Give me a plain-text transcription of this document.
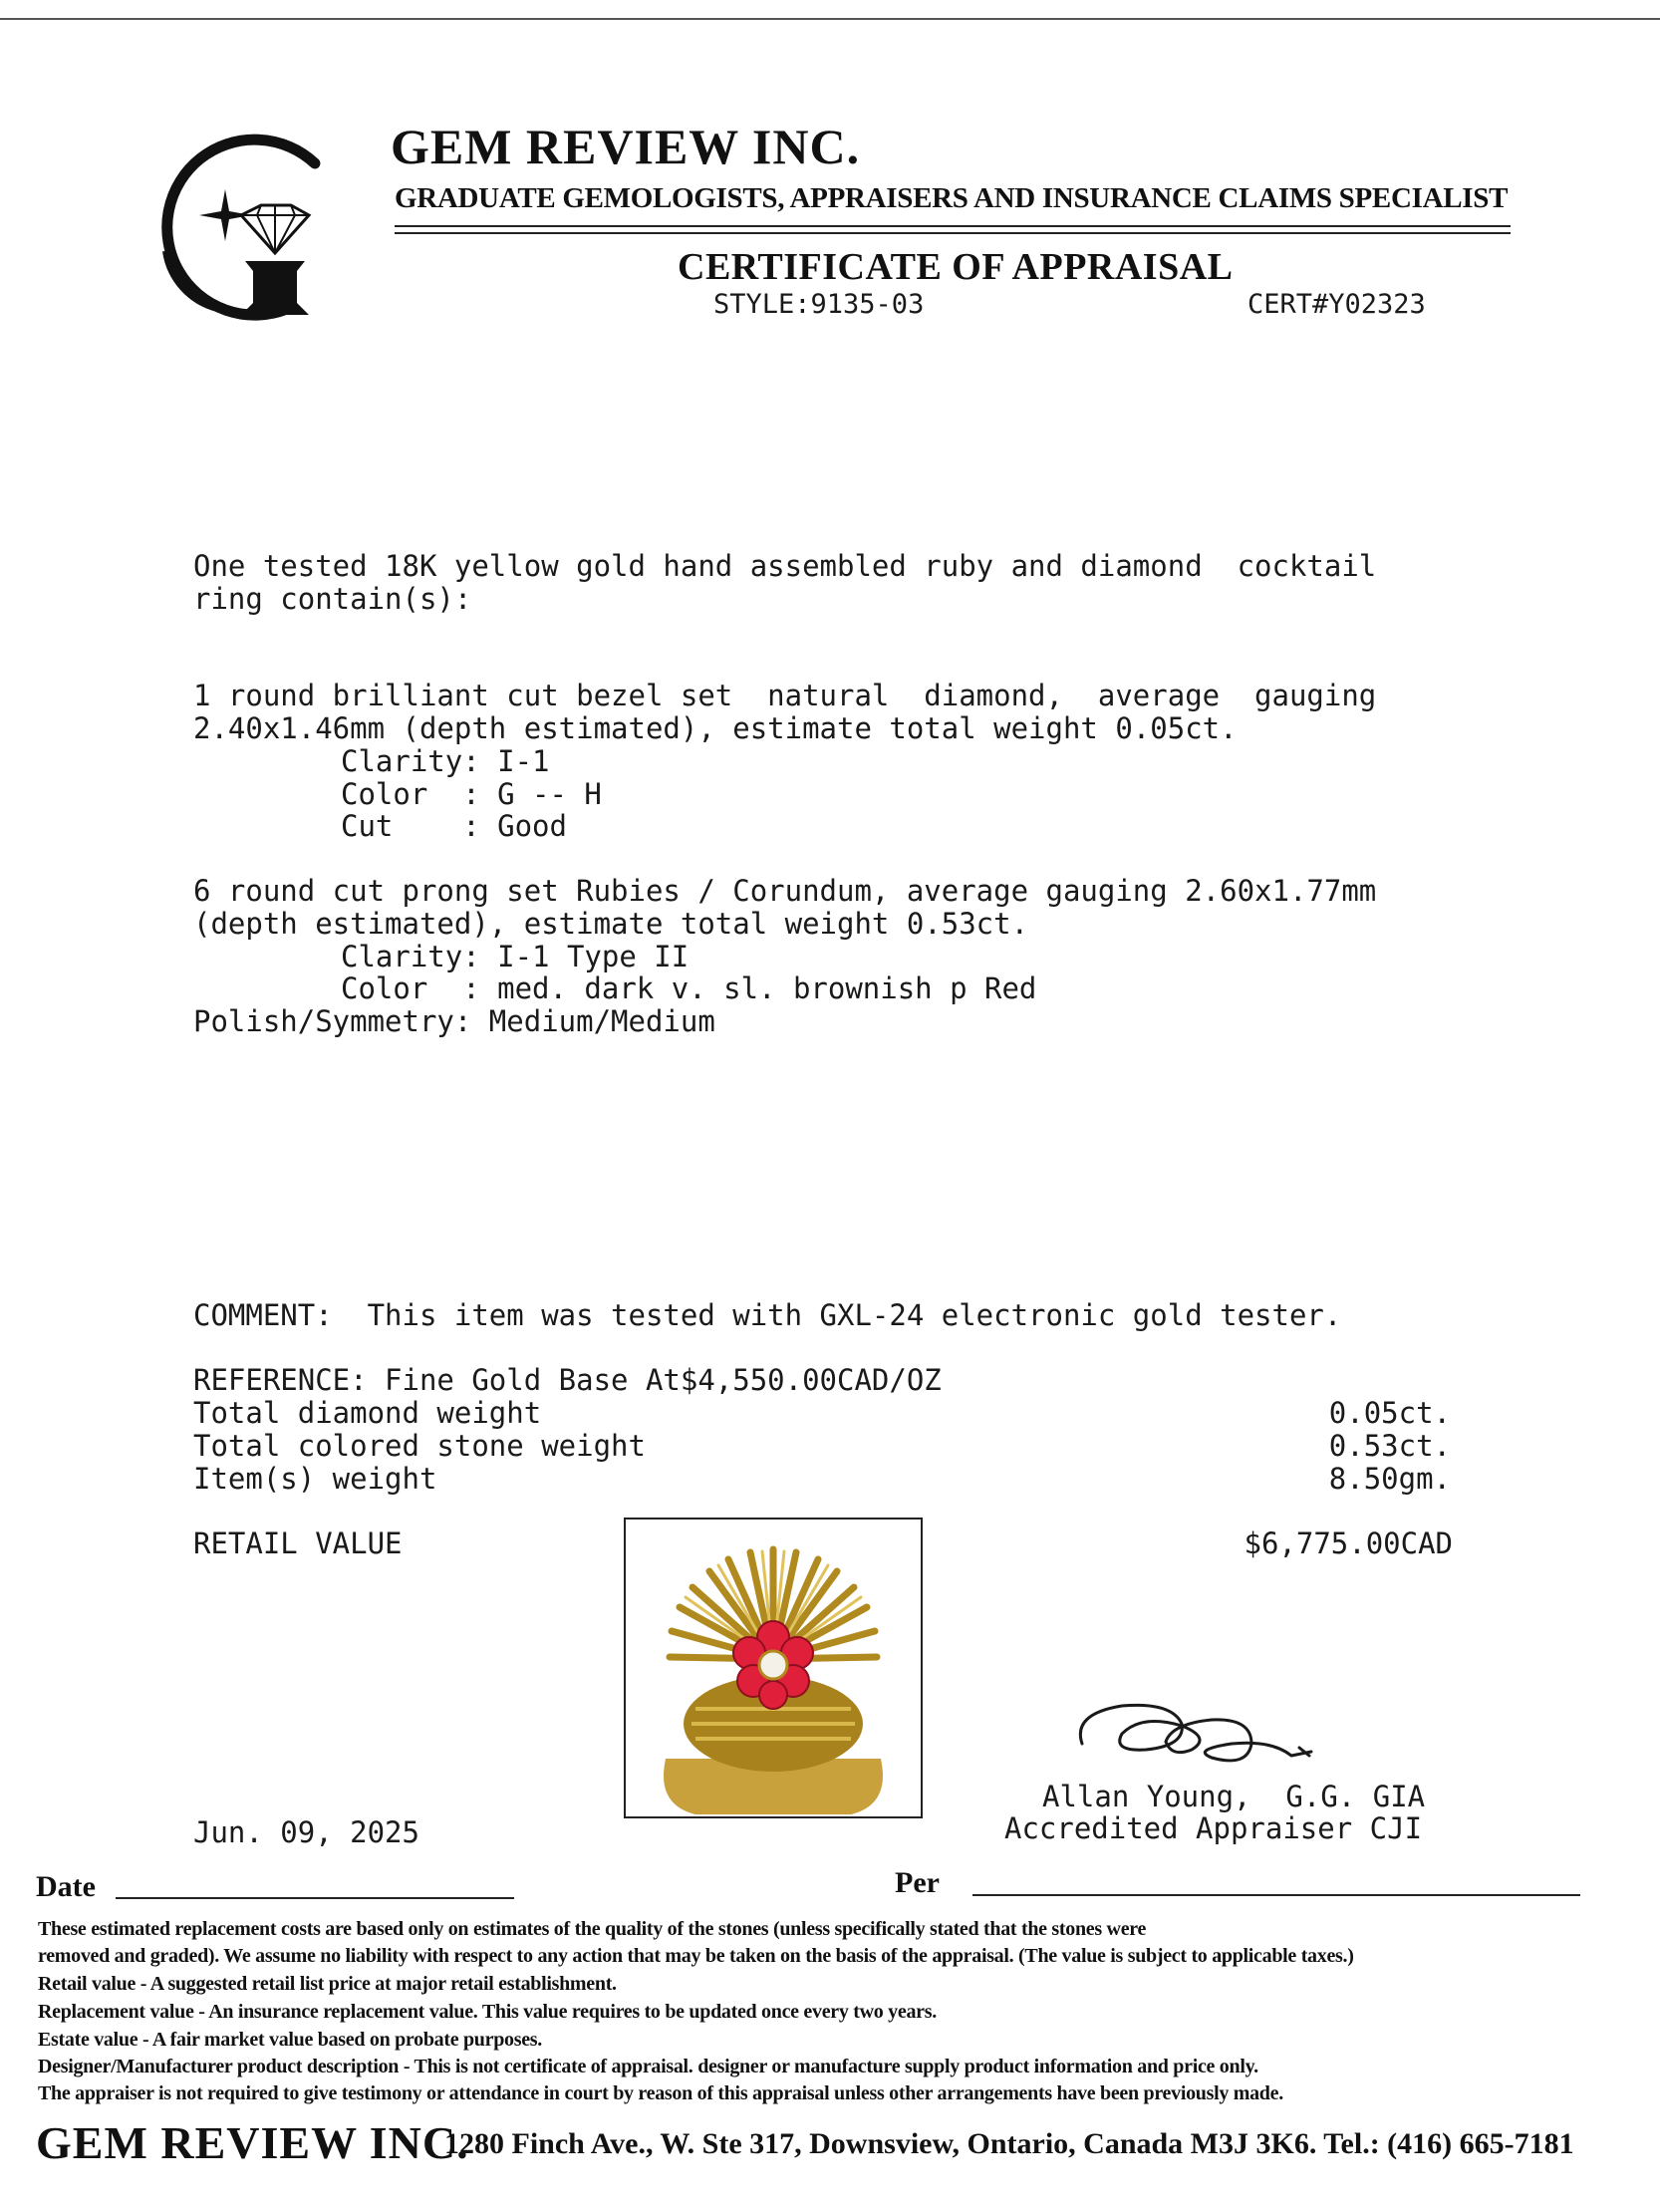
GEM REVIEW INC.
GRADUATE GEMOLOGISTS, APPRAISERS AND INSURANCE CLAIMS SPECIALIST
CERTIFICATE OF APPRAISAL
STYLE:9135-03	CERT#Y02323
One tested 18K yellow gold hand assembled ruby and diamond  cocktail
ring contain(s):
1 round brilliant cut bezel set  natural  diamond,  average  gauging
2.40x1.46mm (depth estimated), estimate total weight 0.05ct.
Clarity: I-1
Color  : G -- H
Cut    : Good
6 round cut prong set Rubies / Corundum, average gauging 2.60x1.77mm
(depth estimated), estimate total weight 0.53ct.
Clarity: I-1 Type II
Color  : med. dark v. sl. brownish p Red
Polish/Symmetry: Medium/Medium
COMMENT:  This item was tested with GXL-24 electronic gold tester.
REFERENCE: Fine Gold Base At$4,550.00CAD/OZ
Total diamond weight	0.05ct.
Total colored stone weight	0.53ct.
Item(s) weight	8.50gm.
RETAIL VALUE	$6,775.00CAD
Allan Young,  G.G. GIA
Accredited Appraiser CJI
Jun. 09, 2025
Date	Per
These estimated replacement costs are based only on estimates of the quality of the stones (unless specifically stated that the stones were
removed and graded). We assume no liability with respect to any action that may be taken on the basis of the appraisal. (The value is subject to applicable taxes.)
Retail value - A suggested retail list price at major retail establishment.
Replacement value - An insurance replacement value. This value requires to be updated once every two years.
Estate value - A fair market value based on probate purposes.
Designer/Manufacturer product description - This is not certificate of appraisal. designer or manufacture supply product information and price only.
The appraiser is not required to give testimony or attendance in court by reason of this appraisal unless other arrangements have been previously made.
GEM REVIEW INC.
1280 Finch Ave., W. Ste 317, Downsview, Ontario, Canada M3J 3K6. Tel.: (416) 665-7181
